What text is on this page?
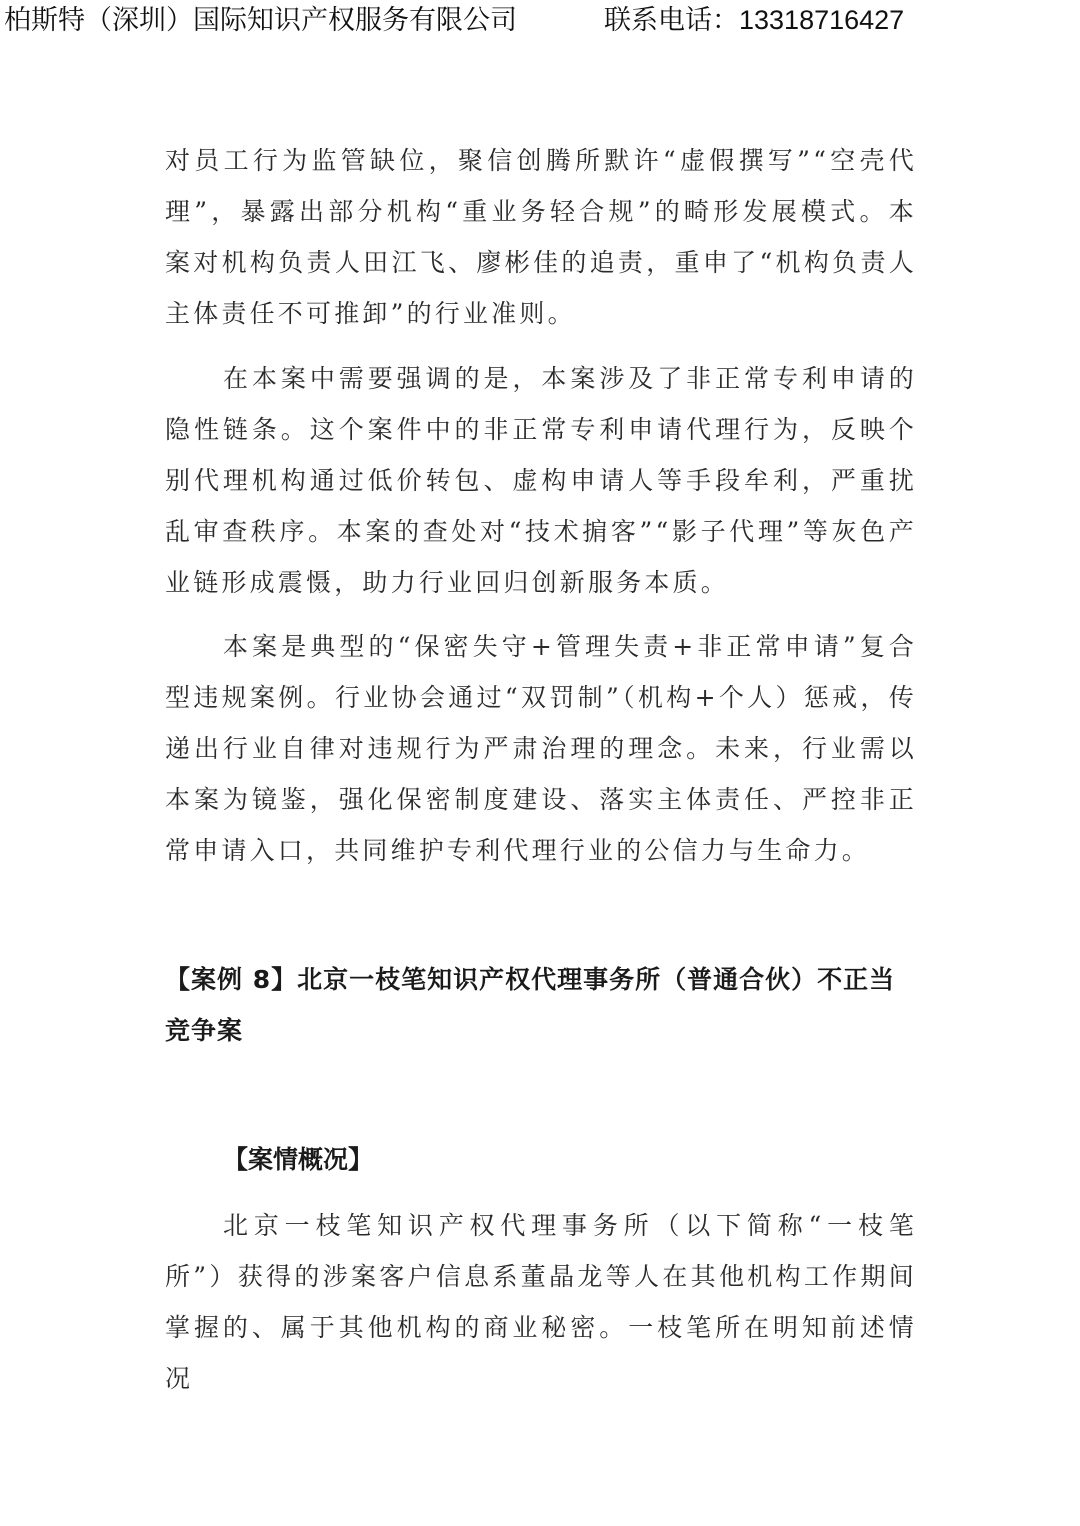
柏斯特（深圳）国际知识产权服务有限公司	联系电话：13318716427

对员工行为监管缺位，聚信创腾所默许“虚假撰写”“空壳代理”，暴露出部分机构“重业务轻合规”的畸形发展模式。本案对机构负责人田江飞、廖彬佳的追责，重申了“机构负责人主体责任不可推卸”的行业准则。

在本案中需要强调的是，本案涉及了非正常专利申请的隐性链条。这个案件中的非正常专利申请代理行为，反映个别代理机构通过低价转包、虚构申请人等手段牟利，严重扰乱审查秩序。本案的查处对“技术掮客”“影子代理”等灰色产业链形成震慑，助力行业回归创新服务本质。

本案是典型的“保密失守+管理失责+非正常申请”复合型违规案例。行业协会通过“双罚制”（机构+个人）惩戒，传递出行业自律对违规行为严肃治理的理念。未来，行业需以本案为镜鉴，强化保密制度建设、落实主体责任、严控非正常申请入口，共同维护专利代理行业的公信力与生命力。

【案例 8】北京一枝笔知识产权代理事务所（普通合伙）不正当竞争案
【案情概况】

北京一枝笔知识产权代理事务所（以下简称“一枝笔所”）获得的涉案客户信息系董晶龙等人在其他机构工作期间掌握的、属于其他机构的商业秘密。一枝笔所在明知前述情况
